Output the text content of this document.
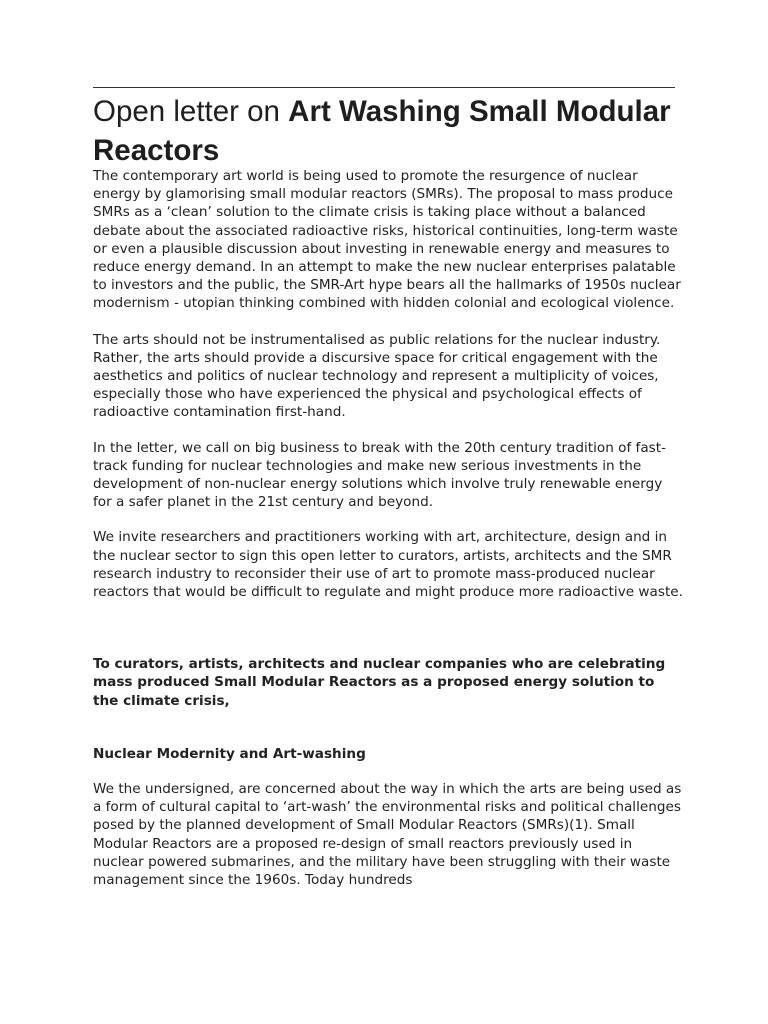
Open letter on Art Washing Small Modular Reactors

The contemporary art world is being used to promote the resurgence of nuclear energy by glamorising small modular reactors (SMRs). The proposal to mass produce SMRs as a ‘clean’ solution to the climate crisis is taking place without a balanced debate about the associated radioactive risks, historical continuities, long-term waste or even a plausible discussion about investing in renewable energy and measures to reduce energy demand. In an attempt to make the new nuclear enterprises palatable to investors and the public, the SMR-Art hype bears all the hallmarks of 1950s nuclear modernism - utopian thinking combined with hidden colonial and ecological violence.

The arts should not be instrumentalised as public relations for the nuclear industry. Rather, the arts should provide a discursive space for critical engagement with the aesthetics and politics of nuclear technology and represent a multiplicity of voices, especially those who have experienced the physical and psychological effects of radioactive contamination first-hand.

In the letter, we call on big business to break with the 20th century tradition of fast-track funding for nuclear technologies and make new serious investments in the development of non-nuclear energy solutions which involve truly renewable energy for a safer planet in the 21st century and beyond.

We invite researchers and practitioners working with art, architecture, design and in the nuclear sector to sign this open letter to curators, artists, architects and the SMR research industry to reconsider their use of art to promote mass-produced nuclear reactors that would be difficult to regulate and might produce more radioactive waste.

To curators, artists, architects and nuclear companies who are celebrating mass produced Small Modular Reactors as a proposed energy solution to the climate crisis,

Nuclear Modernity and Art-washing

We the undersigned, are concerned about the way in which the arts are being used as a form of cultural capital to ‘art-wash’ the environmental risks and political challenges posed by the planned development of Small Modular Reactors (SMRs)(1). Small Modular Reactors are a proposed re-design of small reactors previously used in nuclear powered submarines, and the military have been struggling with their waste management since the 1960s. Today hundreds
